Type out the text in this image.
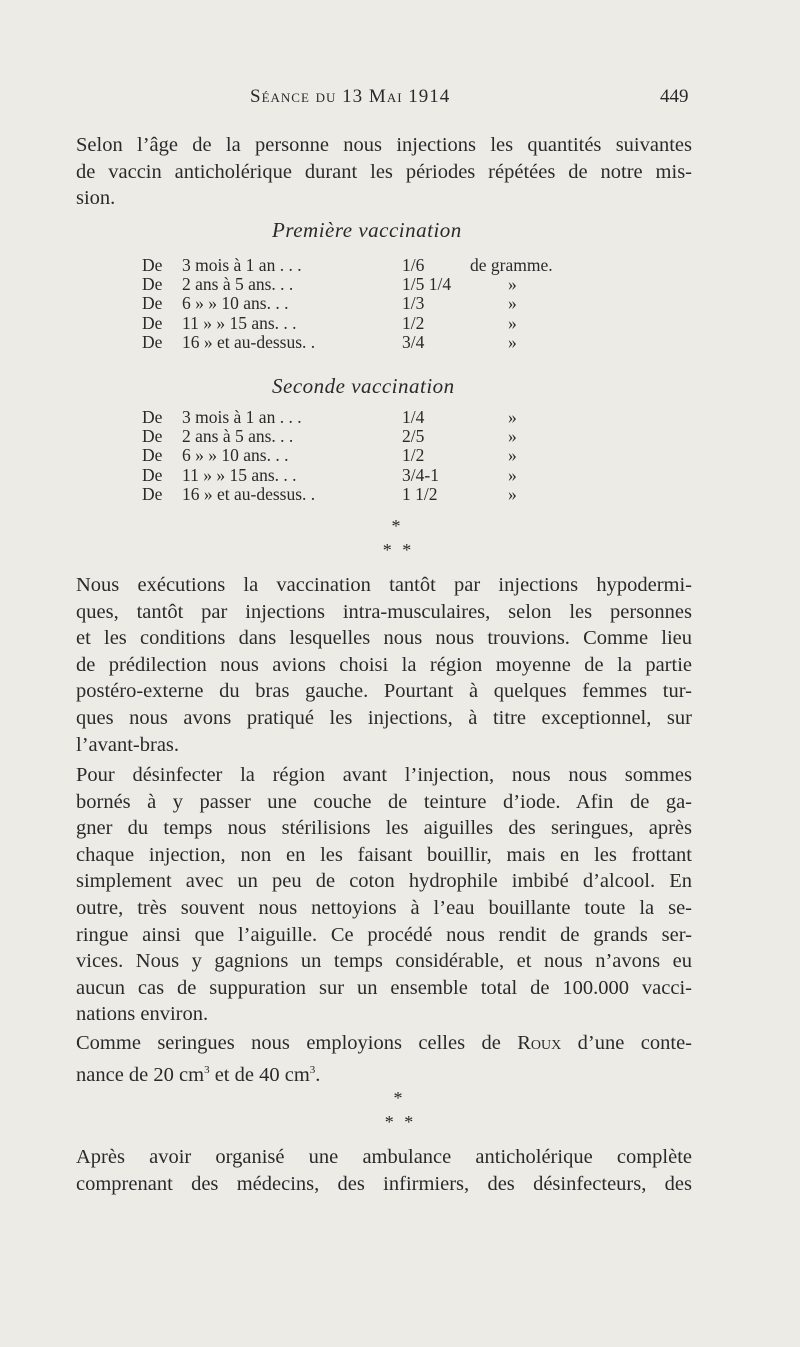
Séance du 13 Mai 1914	449
Selon l’âge de la personne nous injections les quantités suivantes
de vaccin anticholérique durant les périodes répétées de notre mis-
sion.
Première vaccination
De	3 mois à 1 an . . .	1/6	de gramme.
De	2 ans à 5 ans. . .	1/5 1/4	»
De	6 » » 10 ans. . .	1/3	»
De	11 » » 15 ans. . .	1/2	»
De	16 » et au-dessus. .	3/4	»
Seconde vaccination
De	3 mois à 1 an . . .	1/4	»
De	2 ans à 5 ans. . .	2/5	»
De	6 » » 10 ans. . .	1/2	»
De	11 » » 15 ans. . .	3/4-1	»
De	16 » et au-dessus. .	1 1/2	»
*
* *
Nous exécutions la vaccination tantôt par injections hypodermi-
ques, tantôt par injections intra-musculaires, selon les personnes
et les conditions dans lesquelles nous nous trouvions. Comme lieu
de prédilection nous avions choisi la région moyenne de la partie
postéro-externe du bras gauche. Pourtant à quelques femmes tur-
ques nous avons pratiqué les injections, à titre exceptionnel, sur
l’avant-bras.
Pour désinfecter la région avant l’injection, nous nous sommes
bornés à y passer une couche de teinture d’iode. Afin de ga-
gner du temps nous stérilisions les aiguilles des seringues, après
chaque injection, non en les faisant bouillir, mais en les frottant
simplement avec un peu de coton hydrophile imbibé d’alcool. En
outre, très souvent nous nettoyions à l’eau bouillante toute la se-
ringue ainsi que l’aiguille. Ce procédé nous rendit de grands ser-
vices. Nous y gagnions un temps considérable, et nous n’avons eu
aucun cas de suppuration sur un ensemble total de 100.000 vacci-
nations environ.
Comme seringues nous employions celles de Roux d’une conte-
nance de 20 $cm^3$ et de 40 $cm^3$.
*
* *
Après avoir organisé une ambulance anticholérique complète
comprenant des médecins, des infirmiers, des désinfecteurs, des
